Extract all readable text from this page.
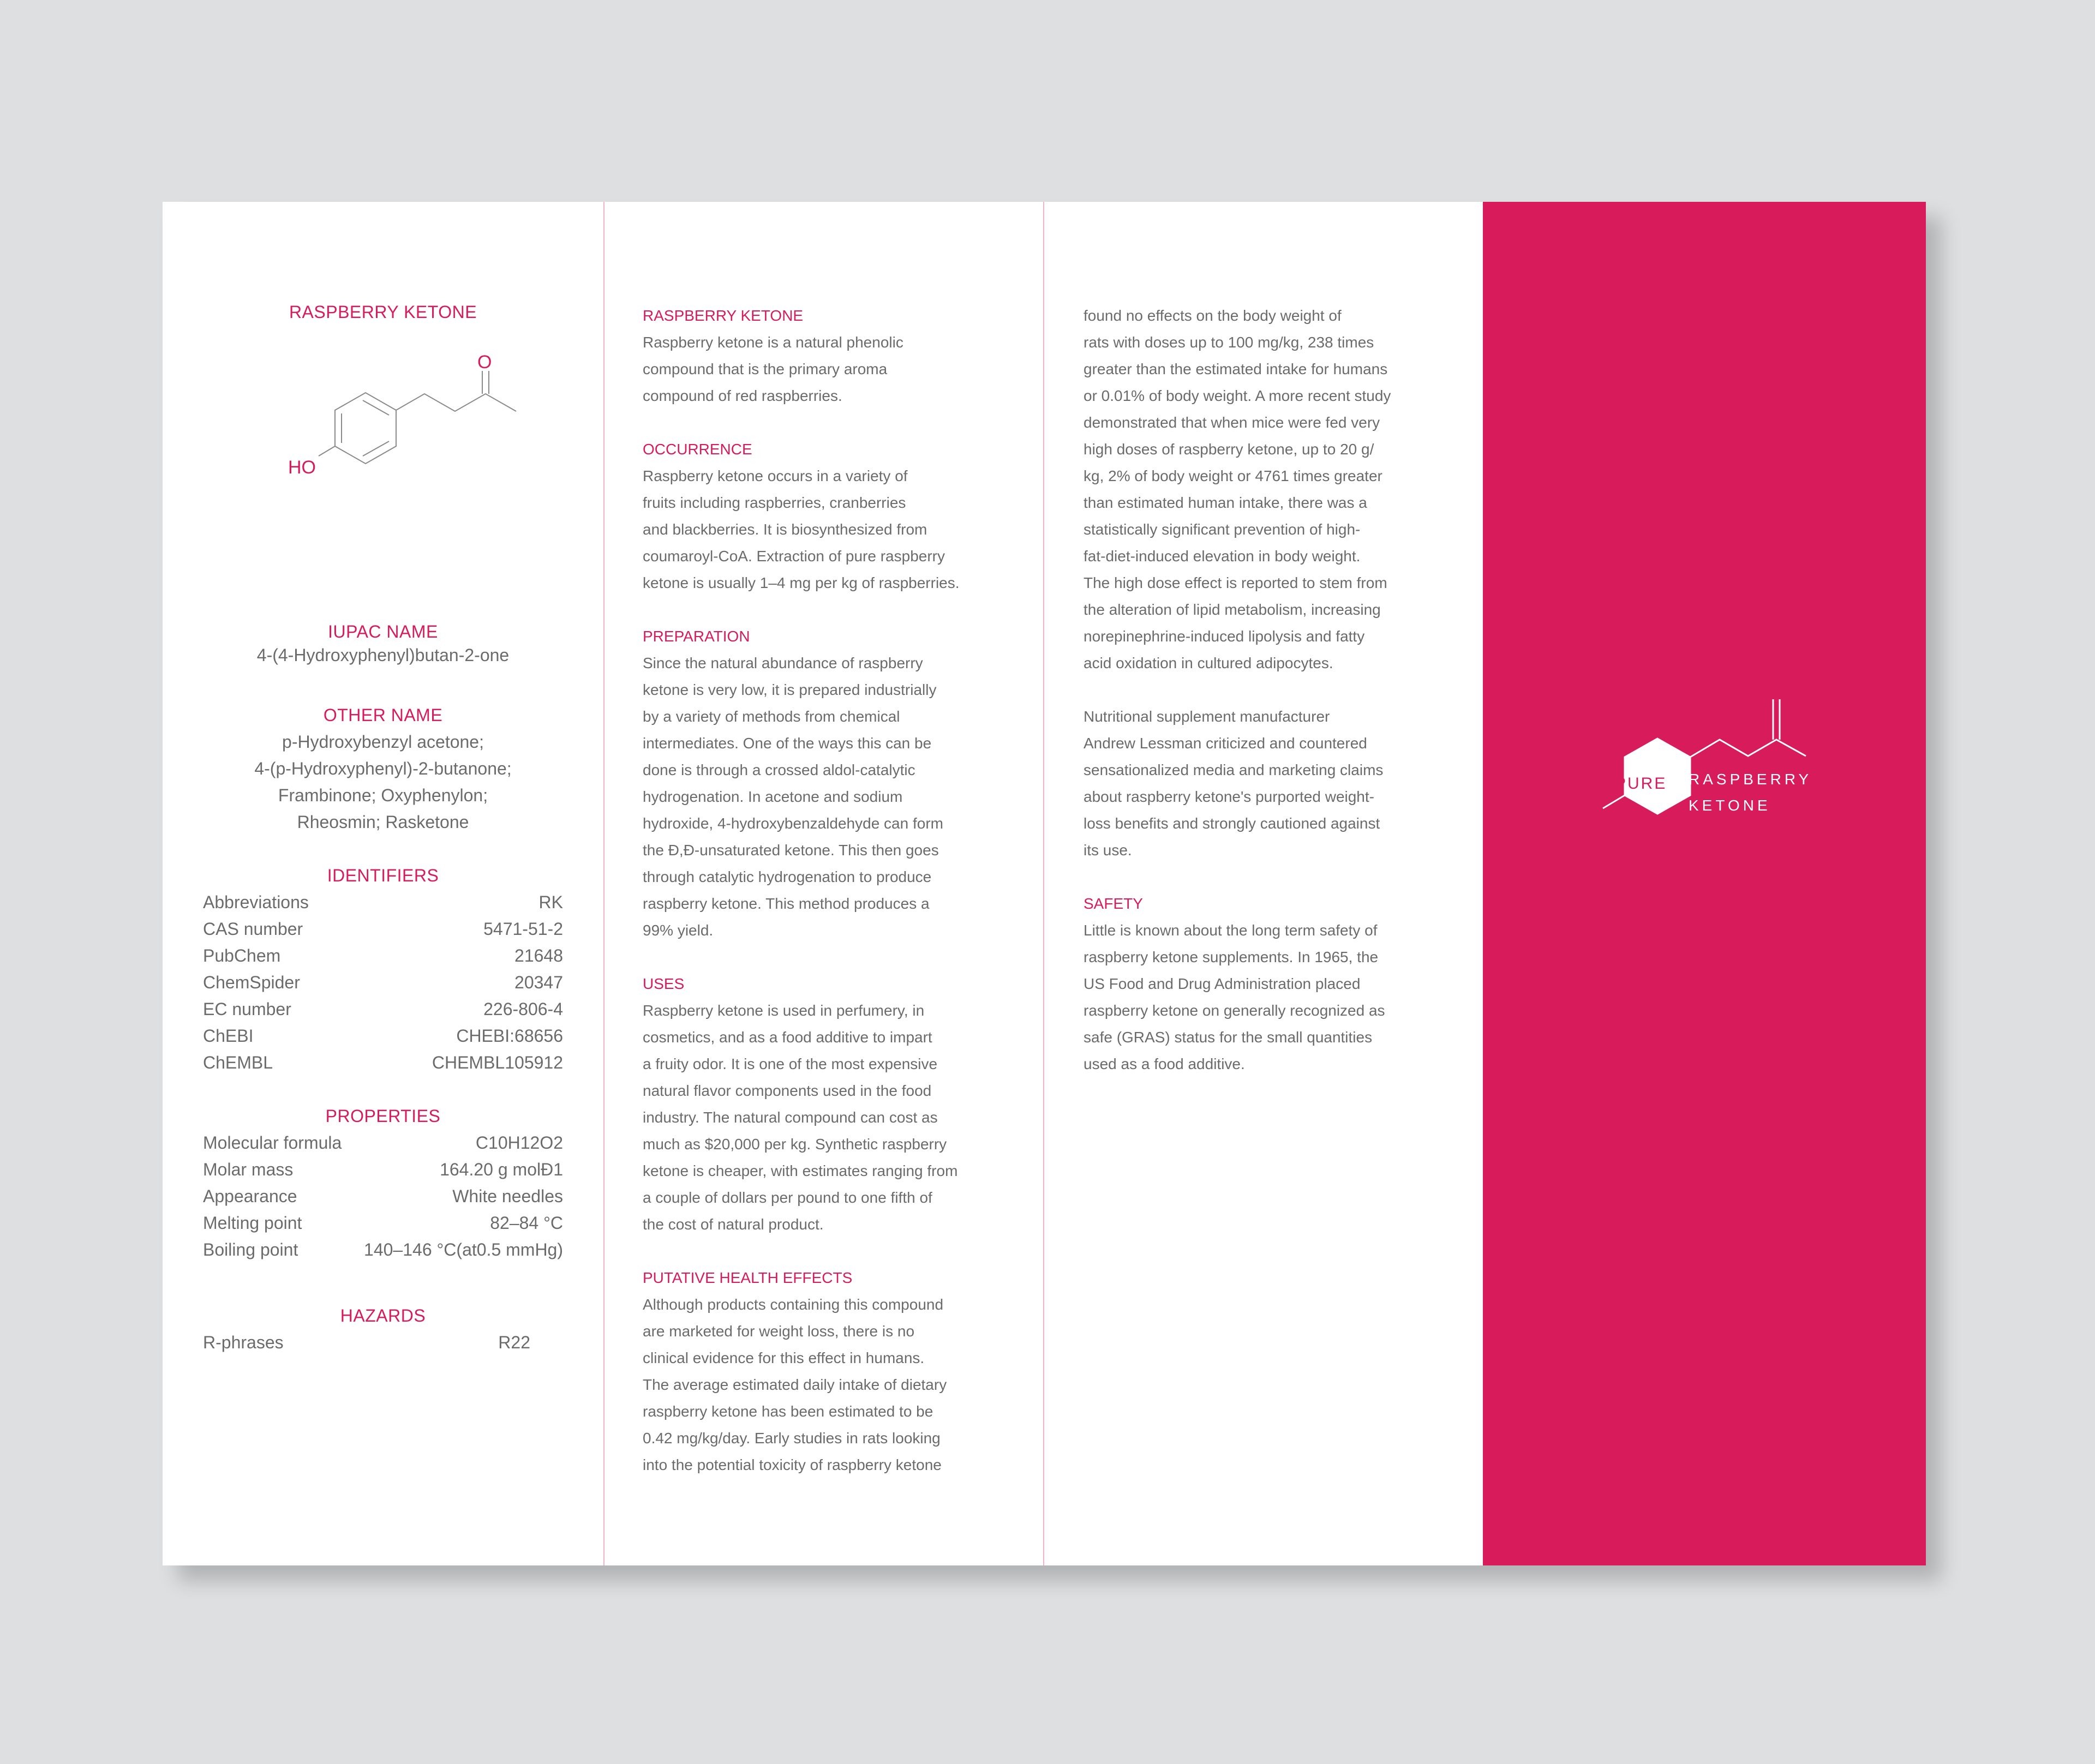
RASPBERRY KETONE
O
HO
IUPAC NAME
4-(4-Hydroxyphenyl)butan-2-one
OTHER NAME
p-Hydroxybenzyl acetone;
4-(p-Hydroxyphenyl)-2-butanone;
Frambinone; Oxyphenylon;
Rheosmin; Rasketone
IDENTIFIERS
Abbreviations	RK
CAS number	5471-51-2
PubChem	21648
ChemSpider	20347
EC number	226-806-4
ChEBI	CHEBI:68656
ChEMBL	CHEMBL105912
PROPERTIES
Molecular formula	C10H12O2
Molar mass	164.20 g molÐ1
Appearance	White needles
Melting point	82–84 °C
Boiling point	140–146 °C(at0.5 mmHg)
HAZARDS
R-phrases	R22
RASPBERRY KETONE

Raspberry ketone is a natural phenolic
compound that is the primary aroma
compound of red raspberries.

OCCURRENCE

Raspberry ketone occurs in a variety of
fruits including raspberries, cranberries
and blackberries. It is biosynthesized from
coumaroyl-CoA. Extraction of pure raspberry
ketone is usually 1–4 mg per kg of raspberries.

PREPARATION

Since the natural abundance of raspberry
ketone is very low, it is prepared industrially
by a variety of methods from chemical
intermediates. One of the ways this can be
done is through a crossed aldol-catalytic
hydrogenation. In acetone and sodium
hydroxide, 4-hydroxybenzaldehyde can form
the Ð,Ð-unsaturated ketone. This then goes
through catalytic hydrogenation to produce
raspberry ketone. This method produces a
99% yield.

USES

Raspberry ketone is used in perfumery, in
cosmetics, and as a food additive to impart
a fruity odor. It is one of the most expensive
natural flavor components used in the food
industry. The natural compound can cost as
much as $20,000 per kg. Synthetic raspberry
ketone is cheaper, with estimates ranging from
a couple of dollars per pound to one fifth of
the cost of natural product.

PUTATIVE HEALTH EFFECTS

Although products containing this compound
are marketed for weight loss, there is no
clinical evidence for this effect in humans.
The average estimated daily intake of dietary
raspberry ketone has been estimated to be
0.42 mg/kg/day. Early studies in rats looking
into the potential toxicity of raspberry ketone

found no effects on the body weight of
rats with doses up to 100 mg/kg, 238 times
greater than the estimated intake for humans
or 0.01% of body weight. A more recent study
demonstrated that when mice were fed very
high doses of raspberry ketone, up to 20 g/
kg, 2% of body weight or 4761 times greater
than estimated human intake, there was a
statistically significant prevention of high-
fat-diet-induced elevation in body weight.
The high dose effect is reported to stem from
the alteration of lipid metabolism, increasing
norepinephrine-induced lipolysis and fatty
acid oxidation in cultured adipocytes.

Nutritional supplement manufacturer
Andrew Lessman criticized and countered
sensationalized media and marketing claims
about raspberry ketone's purported weight-
loss benefits and strongly cautioned against
its use.

SAFETY

Little is known about the long term safety of
raspberry ketone supplements. In 1965, the
US Food and Drug Administration placed
raspberry ketone on generally recognized as
safe (GRAS) status for the small quantities
used as a food additive.

PURE RASPBERRY
KETONE
